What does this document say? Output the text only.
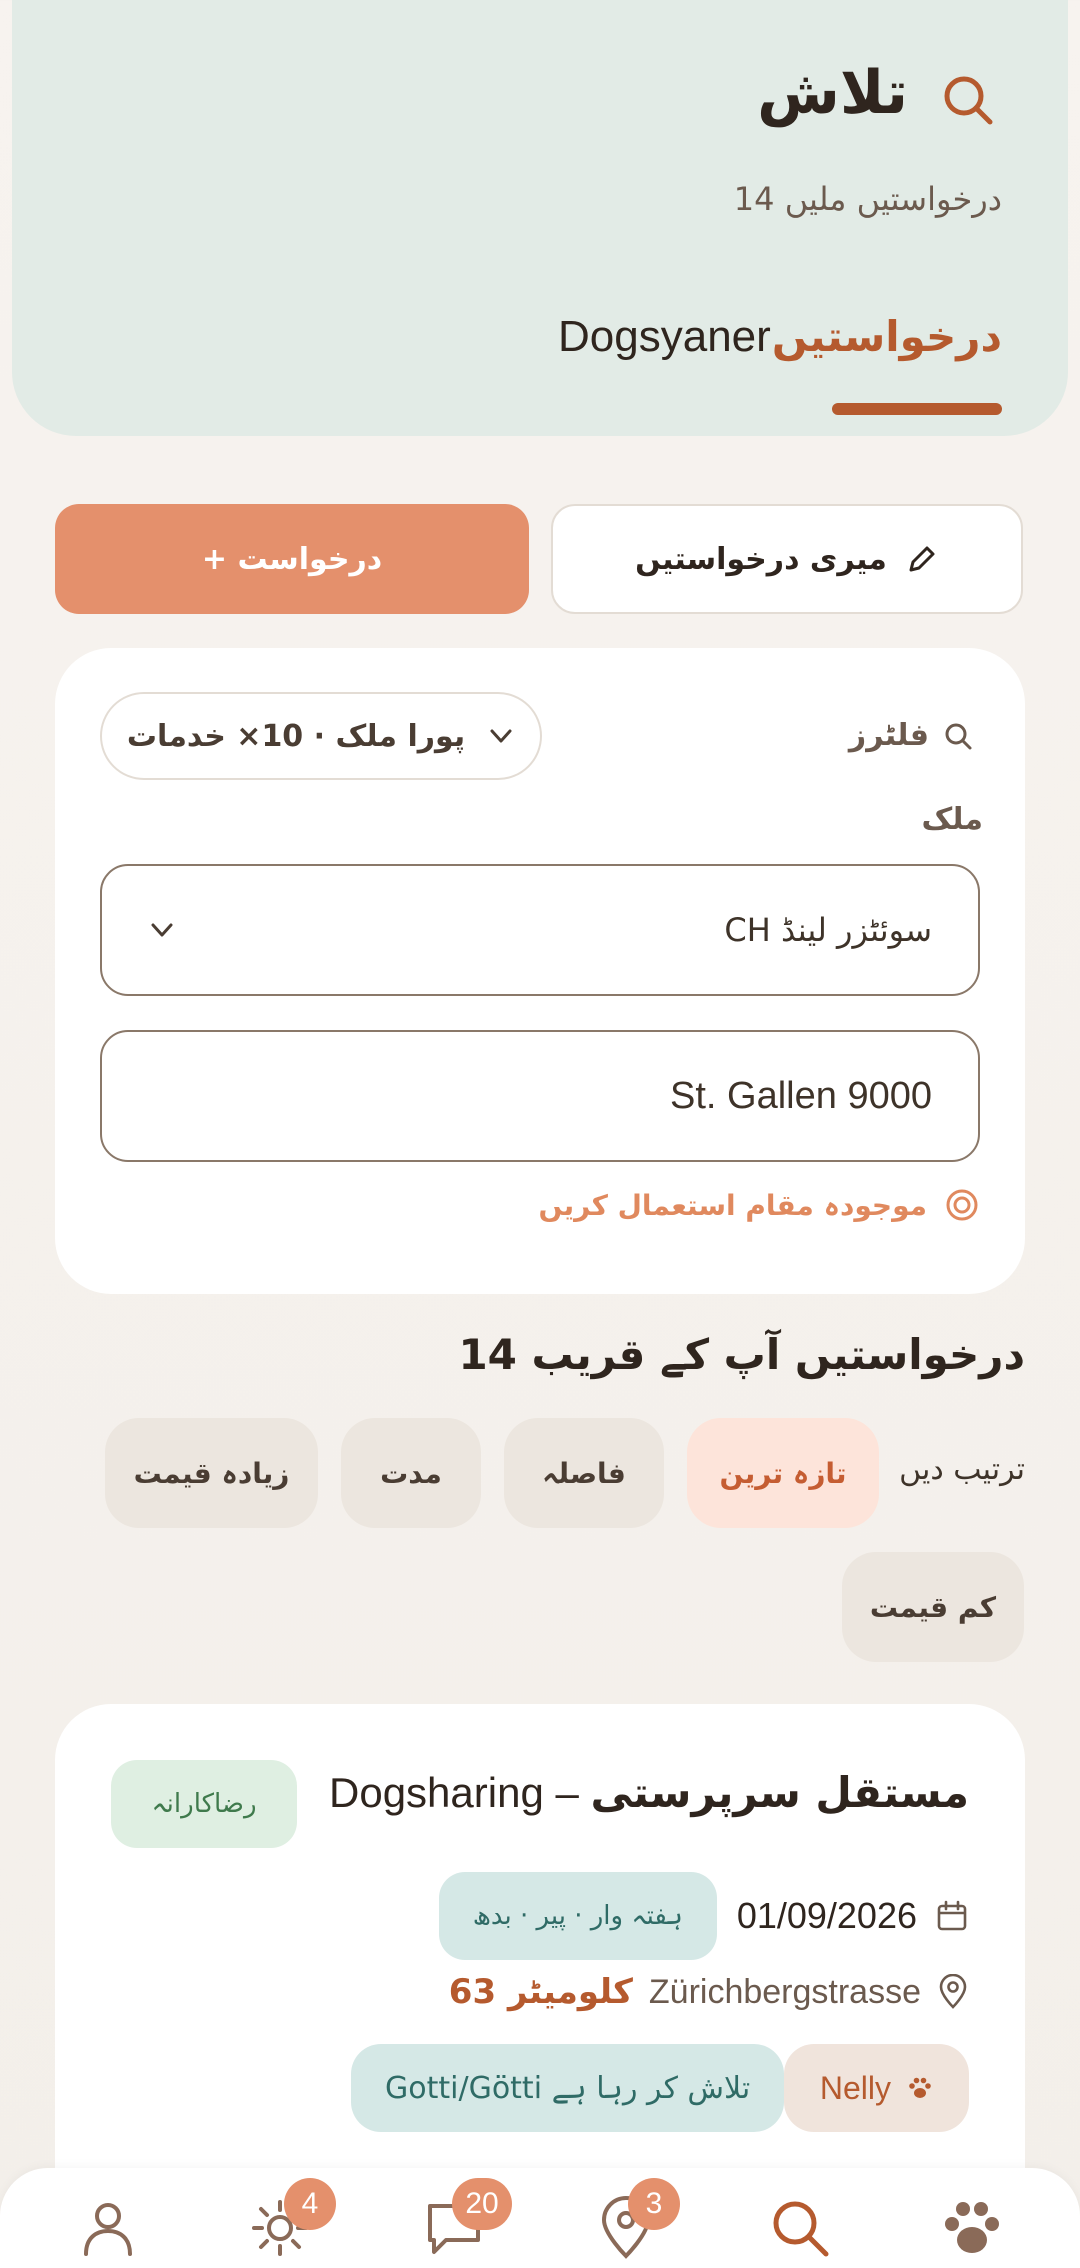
تلاش
14 درخواستیں ملیں
درخواستیں
Dogsyaner
+ درخواست	میری درخواستیں
فلٹرز
پورا ملک · 10× خدمات
ملک
CH سوئٹزر لینڈ
St. Gallen 9000
موجودہ مقام استعمال کریں
14 درخواستیں آپ کے قریب
ترتیب دیں
تازہ ترین
فاصلہ
مدت
زیادہ قیمت
کم قیمت
Dogsharing – مستقل سرپرستی
رضاکارانہ
01/09/2026
ہفتہ وار · پیر · بدھ
Zürichbergstrasse
63 کلومیٹر
Nelly
Gotti/Götti تلاش کر رہا ہے
4	20	3
